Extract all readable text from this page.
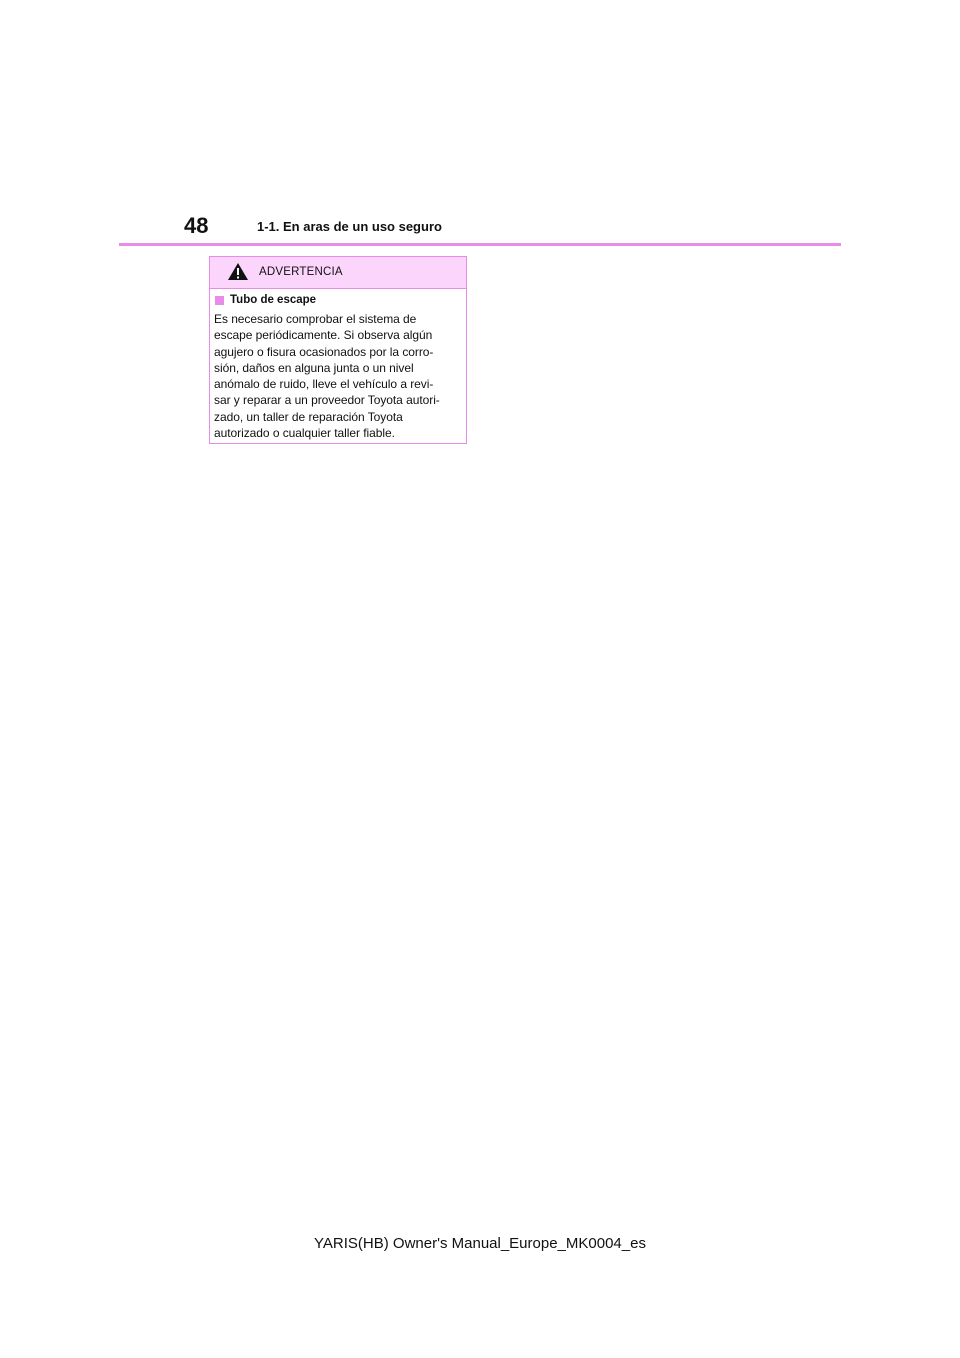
48	1-1. En aras de un uso seguro
ADVERTENCIA
Tubo de escape

Es necesario comprobar el sistema de
escape periódicamente. Si observa algún
agujero o fisura ocasionados por la corro-
sión, daños en alguna junta o un nivel
anómalo de ruido, lleve el vehículo a revi-
sar y reparar a un proveedor Toyota autori-
zado, un taller de reparación Toyota
autorizado o cualquier taller fiable.

YARIS(HB) Owner's Manual_Europe_MK0004_es
